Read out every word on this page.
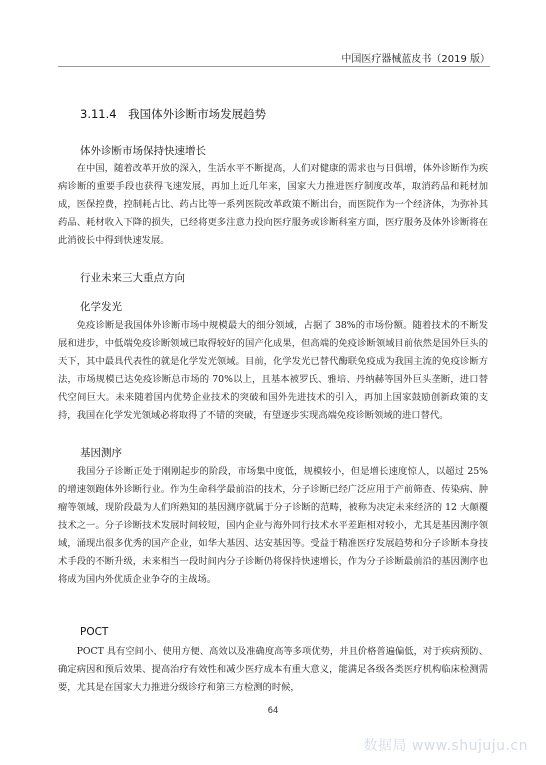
中国医疗器械蓝皮书（2019 版）
3.11.4　我国体外诊断市场发展趋势
体外诊断市场保持快速增长
在中国，随着改革开放的深入，生活水平不断提高，人们对健康的需求也与日俱增，体外诊断作为疾病诊断的重要手段也获得飞速发展，再加上近几年来，国家大力推进医疗制度改革，取消药品和耗材加成，医保控费，控制耗占比、药占比等一系列医院改革政策不断出台，而医院作为一个经济体，为弥补其药品、耗材收入下降的损失，已经将更多注意力投向医疗服务或诊断科室方面，医疗服务及体外诊断将在此消彼长中得到快速发展。
行业未来三大重点方向
化学发光
免疫诊断是我国体外诊断市场中规模最大的细分领域，占据了 38%的市场份额。随着技术的不断发展和进步，中低端免疫诊断领域已取得较好的国产化成果，但高端的免疫诊断领域目前依然是国外巨头的天下，其中最具代表性的就是化学发光领域。目前，化学发光已替代酶联免疫成为我国主流的免疫诊断方法，市场规模已达免疫诊断总市场的 70%以上，且基本被罗氏、雅培、丹纳赫等国外巨头垄断，进口替代空间巨大。未来随着国内优势企业技术的突破和国外先进技术的引入，再加上国家鼓励创新政策的支持，我国在化学发光领域必将取得了不错的突破，有望逐步实现高端免疫诊断领域的进口替代。
基因测序
我国分子诊断正处于刚刚起步的阶段，市场集中度低，规模较小，但是增长速度惊人，以超过 25%的增速领跑体外诊断行业。作为生命科学最前沿的技术，分子诊断已经广泛应用于产前筛查、传染病、肿瘤等领域，现阶段最为人们所熟知的基因测序就属于分子诊断的范畴，被称为决定未来经济的 12 大颠覆技术之一。分子诊断技术发展时间较短，国内企业与海外同行技术水平差距相对较小，尤其是基因测序领域，涌现出很多优秀的国产企业，如华大基因、达安基因等。受益于精准医疗发展趋势和分子诊断本身技术手段的不断升级，未来相当一段时间内分子诊断仍将保持快速增长，作为分子诊断最前沿的基因测序也将成为国内外优质企业争夺的主战场。
POCT
POCT 具有空间小、使用方便、高效以及准确度高等多项优势，并且价格普遍偏低，对于疾病预防、确定病因和预后效果、提高治疗有效性和减少医疗成本有重大意义，能满足各级各类医疗机构临床检测需要，尤其是在国家大力推进分级诊疗和第三方检测的时候，
64
数据局 www.shujuju.cn
